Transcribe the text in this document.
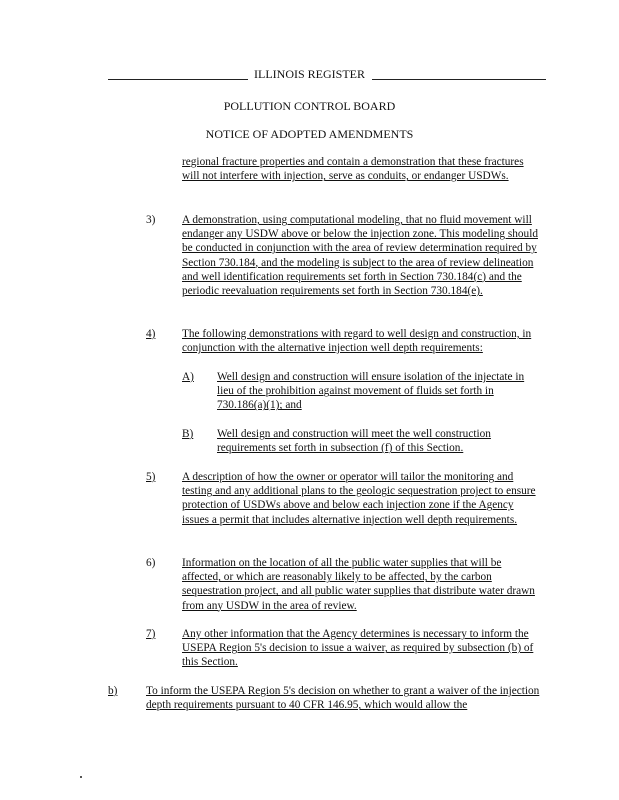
ILLINOIS REGISTER
POLLUTION CONTROL BOARD
NOTICE OF ADOPTED AMENDMENTS
regional fracture properties and contain a demonstration that these fractures will not interfere with injection, serve as conduits, or endanger USDWs.
3) A demonstration, using computational modeling, that no fluid movement will endanger any USDW above or below the injection zone. This modeling should be conducted in conjunction with the area of review determination required by Section 730.184, and the modeling is subject to the area of review delineation and well identification requirements set forth in Section 730.184(c) and the periodic reevaluation requirements set forth in Section 730.184(e).
4) The following demonstrations with regard to well design and construction, in conjunction with the alternative injection well depth requirements:
A) Well design and construction will ensure isolation of the injectate in lieu of the prohibition against movement of fluids set forth in 730.186(a)(1); and
B) Well design and construction will meet the well construction requirements set forth in subsection (f) of this Section.
5) A description of how the owner or operator will tailor the monitoring and testing and any additional plans to the geologic sequestration project to ensure protection of USDWs above and below each injection zone if the Agency issues a permit that includes alternative injection well depth requirements.
6) Information on the location of all the public water supplies that will be affected, or which are reasonably likely to be affected, by the carbon sequestration project, and all public water supplies that distribute water drawn from any USDW in the area of review.
7) Any other information that the Agency determines is necessary to inform the USEPA Region 5's decision to issue a waiver, as required by subsection (b) of this Section.
b)	To inform the USEPA Region 5's decision on whether to grant a waiver of the injection depth requirements pursuant to 40 CFR 146.95, which would allow the
